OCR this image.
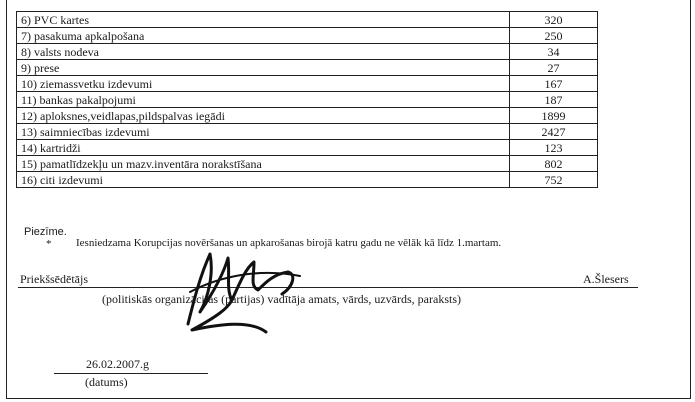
6) PVC kartes	320
7) pasakuma apkalpošana	250
8) valsts nodeva	34
9) prese	27
10) ziemassvetku izdevumi	167
11) bankas pakalpojumi	187
12) aploksnes,veidlapas,pildspalvas iegādi	1899
13) saimniecības izdevumi	2427
14) kartridži	123
15) pamatlīdzekļu un mazv.inventāra norakstīšana	802
16) citi izdevumi	752
Piezīme.
* Iesniedzama Korupcijas novēršanas un apkarošanas birojā katru gadu ne vēlāk kā līdz 1.martam.
Priekšsēdētājs	A.Šlesers
(politiskās organizācijas (partijas) vadītāja amats, vārds, uzvārds, paraksts)
26.02.2007.g
(datums)
